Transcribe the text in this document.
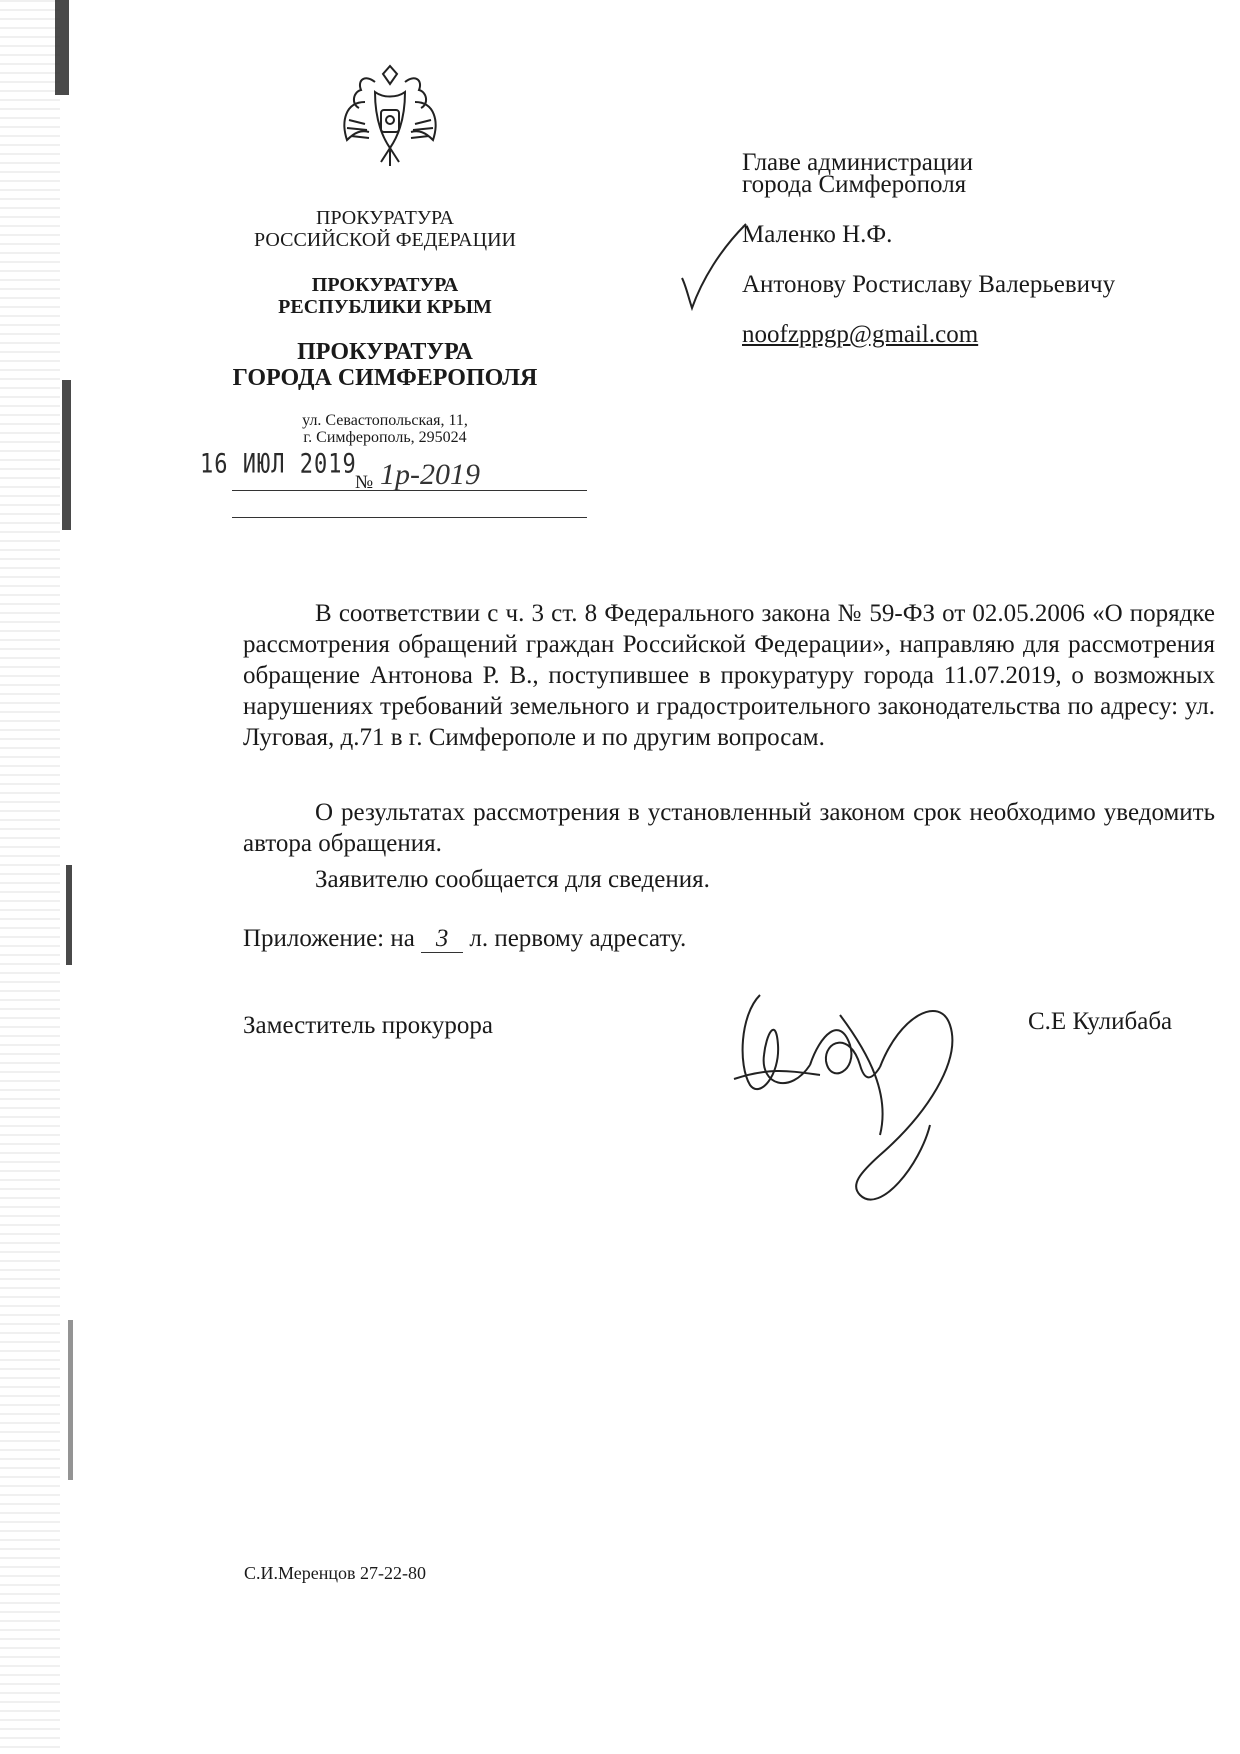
ПРОКУРАТУРА
РОССИЙСКОЙ ФЕДЕРАЦИИ
ПРОКУРАТУРА
РЕСПУБЛИКИ КРЫМ
ПРОКУРАТУРА
ГОРОДА СИМФЕРОПОЛЯ
ул. Севастопольская, 11,
г. Симферополь, 295024
16 ИЮЛ 2019
№ 1р-2019
Главе администрации
города Симферополя
Маленко Н.Ф.
Антонову Ростиславу Валерьевичу
noofzppgp@gmail.com
В соответствии с ч. 3 ст. 8 Федерального закона № 59-ФЗ от 02.05.2006 «О порядке рассмотрения обращений граждан Российской Федерации», направляю для рассмотрения обращение Антонова Р. В., поступившее в прокуратуру города 11.07.2019, о возможных нарушениях требований земельного и градостроительного законодательства по адресу: ул. Луговая, д.71 в г. Симферополе и по другим вопросам.
О результатах рассмотрения в установленный законом срок необходимо уведомить автора обращения.
Заявителю сообщается для сведения.
Приложение: на 3 л. первому адресату.
Заместитель прокурора	С.Е Кулибаба
С.И.Меренцов 27-22-80
